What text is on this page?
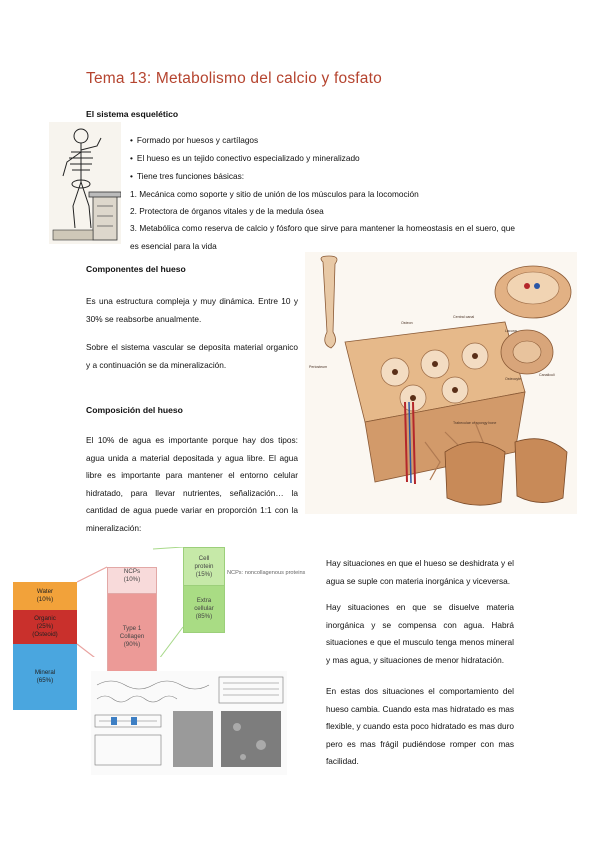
Tema 13: Metabolismo del calcio y fosfato
El sistema esquelético
• Formado por huesos y cartílagos
• El hueso es un tejido conectivo especializado y mineralizado
• Tiene tres funciones básicas:
1. Mecánica como soporte y sitio de unión de los músculos para la locomoción
2. Protectora de órganos vitales y de la medula ósea
3. Metabólica como reserva de calcio y fósforo que sirve para mantener la homeostasis en el suero, que es esencial para la vida
Componentes del hueso
Es una estructura compleja y muy dinámica. Entre 10 y 30% se reabsorbe anualmente.
Sobre el sistema vascular se deposita material organico y a continuación se da mineralización.
Composición del hueso
El 10% de agua es importante porque hay dos tipos: agua unida a material depositada y agua libre. El agua libre es importante para mantener el entorno celular hidratado, para llevar nutrientes, señalización… la cantidad de agua puede variar en proporción 1:1 con la mineralización:
Osteon
Central canal
Periosteum
Trabeculae of spongy bone
Lacuna
Osteocyte
Canaliculi
Water
(10%)
Organic
(25%)
(Osteoid)
Mineral
(65%)
NCPs
(10%)
Type 1
Collagen
(90%)
Cell
protein
(15%)
Extra
cellular
(85%)
NCPs: noncollagenous proteins
Hay situaciones en que el hueso se deshidrata y el agua se suple con materia inorgánica y viceversa.
Hay situaciones en que se disuelve materia inorgánica y se compensa con agua. Habrá situaciones e que el musculo tenga menos mineral y mas agua, y situaciones de menor hidratación.
En estas dos situaciones el comportamiento del hueso cambia. Cuando esta mas hidratado es mas flexible, y cuando esta poco hidratado es mas duro pero es mas frágil pudiéndose romper con mas facilidad.
